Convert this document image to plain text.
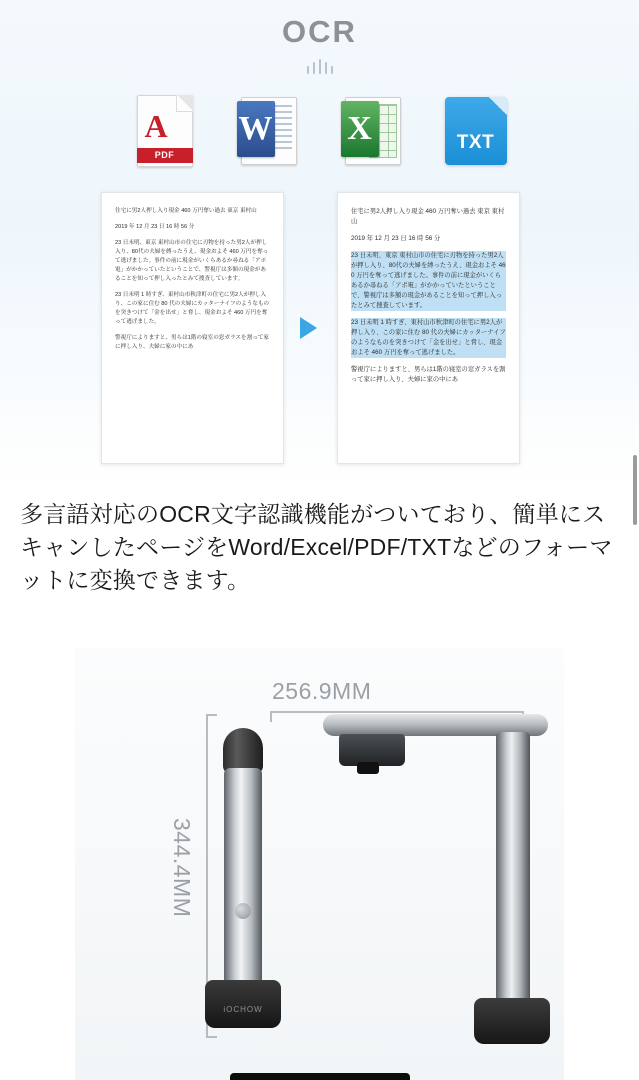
OCR
A
PDF
W X	TXT

住宅に男2人押し入り現金 460 万円奪い過去 東京 東村山

2019 年 12 月 23 日 16 時 56 分

23 日未明、東京 東村山市の住宅に刃物を持った男2人が押し入り、80代の夫婦を縛ったうえ、現金およそ 460 万円を奪って逃げました。事件の前に現金がいくらあるか尋ねる「アポ電」がかかっていたということで、警視庁は多額の現金があることを知って押し入ったとみて捜査しています。

23 日未明 1 時すぎ、東村山市秋津町の住宅に男2人が押し入り、この家に住む 80 代の夫婦にカッターナイフのようなものを突きつけて「金を出せ」と脅し、現金およそ 460 万円を奪って逃げました。

警視庁によりますと、男らは1階の寝室の窓ガラスを割って家に押し入り、夫婦に家の中にあ

住宅に男2人押し入り現金 460 万円奪い過去 東京 東村山

2019 年 12 月 23 日 16 時 56 分

23 日未明、東京 東村山市の住宅に刃物を持った男2人が押し入り、80代の夫婦を縛ったうえ、現金およそ 460 万円を奪って逃げました。事件の前に現金がいくらあるか尋ねる「アポ電」がかかっていたということで、警視庁は多額の現金があることを知って押し入ったとみて捜査しています。

23 日未明 1 時すぎ、東村山市秋津町の住宅に男2人が押し入り、この家に住む 80 代の夫婦にカッターナイフのようなものを突きつけて「金を出せ」と脅し、現金およそ 460 万円を奪って逃げました。

警視庁によりますと、男らは1階の寝室の窓ガラスを割って家に押し入り、夫婦に家の中にあ

多言語対応のOCR文字認識機能がついており、簡単にスキャンしたページをWord/Excel/PDF/TXTなどのフォーマットに変換できます。
256.9MM
344.4MM
iOCHOW
